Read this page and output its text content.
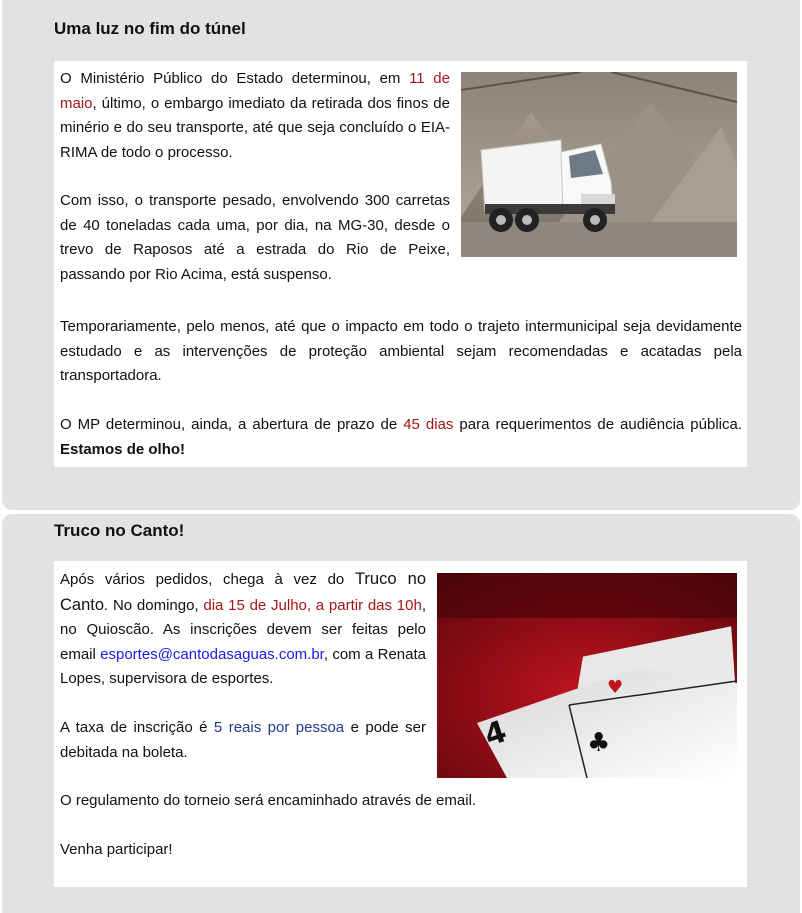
Uma luz no fim do túnel

O Ministério Público do Estado determinou, em 11 de maio, último, o embargo imediato da retirada dos finos de minério e do seu transporte, até que seja concluído o EIA-RIMA de todo o processo.

Com isso, o transporte pesado, envolvendo 300 carretas de 40 toneladas cada uma, por dia, na MG-30, desde o trevo de Raposos até a estrada do Rio de Peixe, passando por Rio Acima, está suspenso.

Temporariamente, pelo menos, até que o impacto em todo o trajeto intermunicipal seja devidamente estudado e as intervenções de proteção ambiental sejam recomendadas e acatadas pela transportadora.

O MP determinou, ainda, a abertura de prazo de 45 dias para requerimentos de audiência pública. Estamos de olho!

Truco no Canto!

Após vários pedidos, chega à vez do Truco no Canto. No domingo, dia 15 de Julho, a partir das 10h, no Quioscão. As inscrições devem ser feitas pelo email esportes@cantodasaguas.com.br, com a Renata Lopes, supervisora de esportes.

A taxa de inscrição é 5 reais por pessoa e pode ser debitada na boleta.

O regulamento do torneio será encaminhado através de email.

Venha participar!

4	♣
♥
